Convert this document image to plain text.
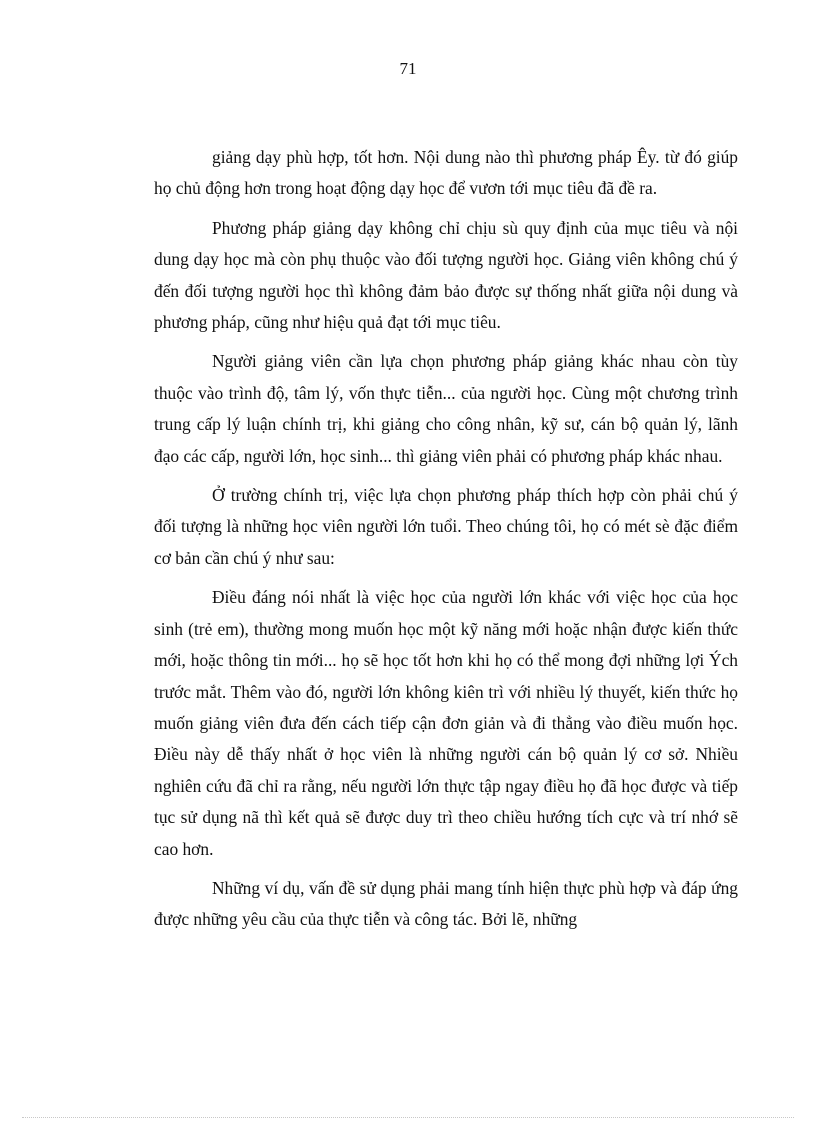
71

giảng dạy phù hợp, tốt hơn. Nội dung nào thì phương pháp Êy. từ đó giúp họ chủ động hơn trong hoạt động dạy học để vươn tới mục tiêu đã đề ra.

Phương pháp giảng dạy không chỉ chịu sù quy định của mục tiêu và nội dung dạy học mà còn phụ thuộc vào đối tượng người học. Giảng viên không chú ý đến đối tượng người học thì không đảm bảo được sự thống nhất giữa nội dung và phương pháp, cũng như hiệu quả đạt tới mục tiêu.

Người giảng viên cần lựa chọn phương pháp giảng khác nhau còn tùy thuộc vào trình độ, tâm lý, vốn thực tiễn... của người học. Cùng một chương trình trung cấp lý luận chính trị, khi giảng cho công nhân, kỹ sư, cán bộ quản lý, lãnh đạo các cấp, người lớn, học sinh... thì giảng viên phải có phương pháp khác nhau.

Ở trường chính trị, việc lựa chọn phương pháp thích hợp còn phải chú ý đối tượng là những học viên người lớn tuổi. Theo chúng tôi, họ có mét sè đặc điểm cơ bản cần chú ý như sau:

Điều đáng nói nhất là việc học của người lớn khác với việc học của học sinh (trẻ em), thường mong muốn học một kỹ năng mới hoặc nhận được kiến thức mới, hoặc thông tin mới... họ sẽ học tốt hơn khi họ có thể mong đợi những lợi Ých trước mắt. Thêm vào đó, người lớn không kiên trì với nhiều lý thuyết, kiến thức họ muốn giảng viên đưa đến cách tiếp cận đơn giản và đi thẳng vào điều muốn học. Điều này dễ thấy nhất ở học viên là những người cán bộ quản lý cơ sở. Nhiều nghiên cứu đã chỉ ra rằng, nếu người lớn thực tập ngay điều họ đã học được và tiếp tục sử dụng nã thì kết quả sẽ được duy trì theo chiều hướng tích cực và trí nhớ sẽ cao hơn.

Những ví dụ, vấn đề sử dụng phải mang tính hiện thực phù hợp và đáp ứng được những yêu cầu của thực tiễn và công tác. Bởi lẽ, những
